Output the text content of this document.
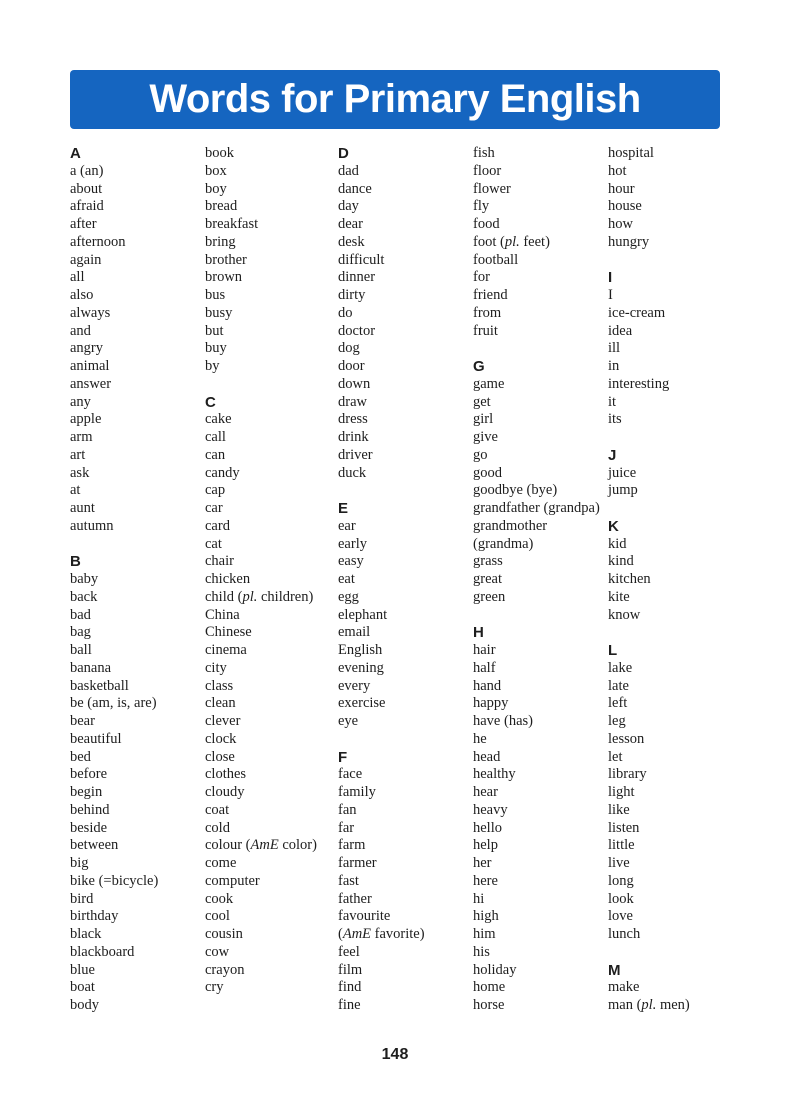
Words for Primary English
A
a (an)
about
afraid
after
afternoon
again
all
also
always
and
angry
animal
answer
any
apple
arm
art
ask
at
aunt
autumn
B
baby
back
bad
bag
ball
banana
basketball
be (am, is, are)
bear
beautiful
bed
before
begin
behind
beside
between
big
bike (=bicycle)
bird
birthday
black
blackboard
blue
boat
body
book
box
boy
bread
breakfast
bring
brother
brown
bus
busy
but
buy
by
C
cake
call
can
candy
cap
car
card
cat
chair
chicken
child (pl. children)
China
Chinese
cinema
city
class
clean
clever
clock
close
clothes
cloudy
coat
cold
colour (AmE color)
come
computer
cook
cool
cousin
cow
crayon
cry
D
dad
dance
day
dear
desk
difficult
dinner
dirty
do
doctor
dog
door
down
draw
dress
drink
driver
duck
E
ear
early
easy
eat
egg
elephant
email
English
evening
every
exercise
eye
F
face
family
fan
far
farm
farmer
fast
father
favourite
(AmE favorite)
feel
film
find
fine
fish
floor
flower
fly
food
foot (pl. feet)
football
for
friend
from
fruit
G
game
get
girl
give
go
good
goodbye (bye)
grandfather (grandpa)
grandmother
(grandma)
grass
great
green
H
hair
half
hand
happy
have (has)
he
head
healthy
hear
heavy
hello
help
her
here
hi
high
him
his
holiday
home
horse
hospital
hot
hour
house
how
hungry
I
I
ice-cream
idea
ill
in
interesting
it
its
J
juice
jump
K
kid
kind
kitchen
kite
know
L
lake
late
left
leg
lesson
let
library
light
like
listen
little
live
long
look
love
lunch
M
make
man (pl. men)
148
